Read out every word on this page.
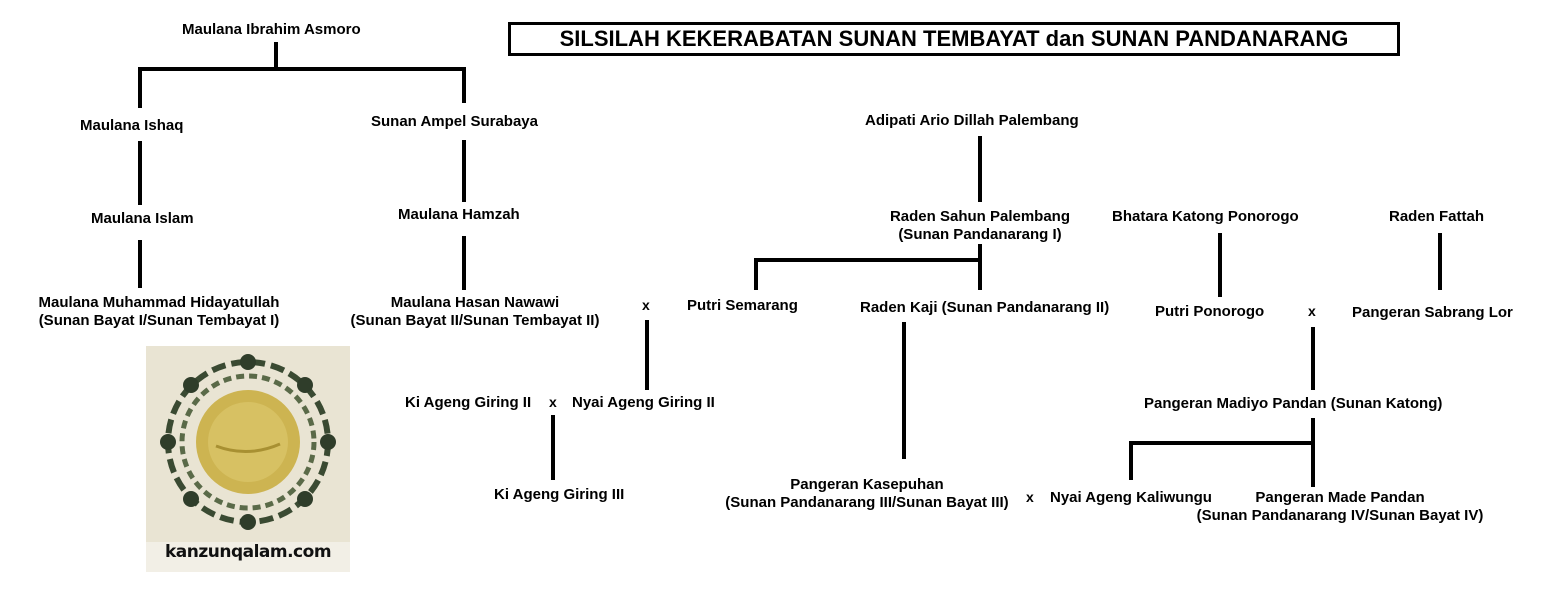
SILSILAH KEKERABATAN SUNAN TEMBAYAT dan SUNAN PANDANARANG
Maulana Ibrahim Asmoro
Maulana Ishaq	Sunan Ampel Surabaya
Maulana Islam	Maulana Hamzah
Maulana Muhammad Hidayatullah
(Sunan Bayat I/Sunan Tembayat I)
Maulana Hasan Nawawi
(Sunan Bayat II/Sunan Tembayat II)
x
Ki Ageng Giring II x Nyai Ageng Giring II
Ki Ageng Giring III
Adipati Ario Dillah Palembang
Raden Sahun Palembang
(Sunan Pandanarang I)
Putri Semarang	Raden Kaji (Sunan Pandanarang II)
Pangeran Kasepuhan
(Sunan Pandanarang III/Sunan Bayat III)	x Nyai Ageng Kaliwungu
Bhatara Katong Ponorogo
Putri Ponorogo	x
Raden Fattah
Pangeran Sabrang Lor
Pangeran Madiyo Pandan (Sunan Katong)
Pangeran Made Pandan
(Sunan Pandanarang IV/Sunan Bayat IV)
kanzunqalam.com
